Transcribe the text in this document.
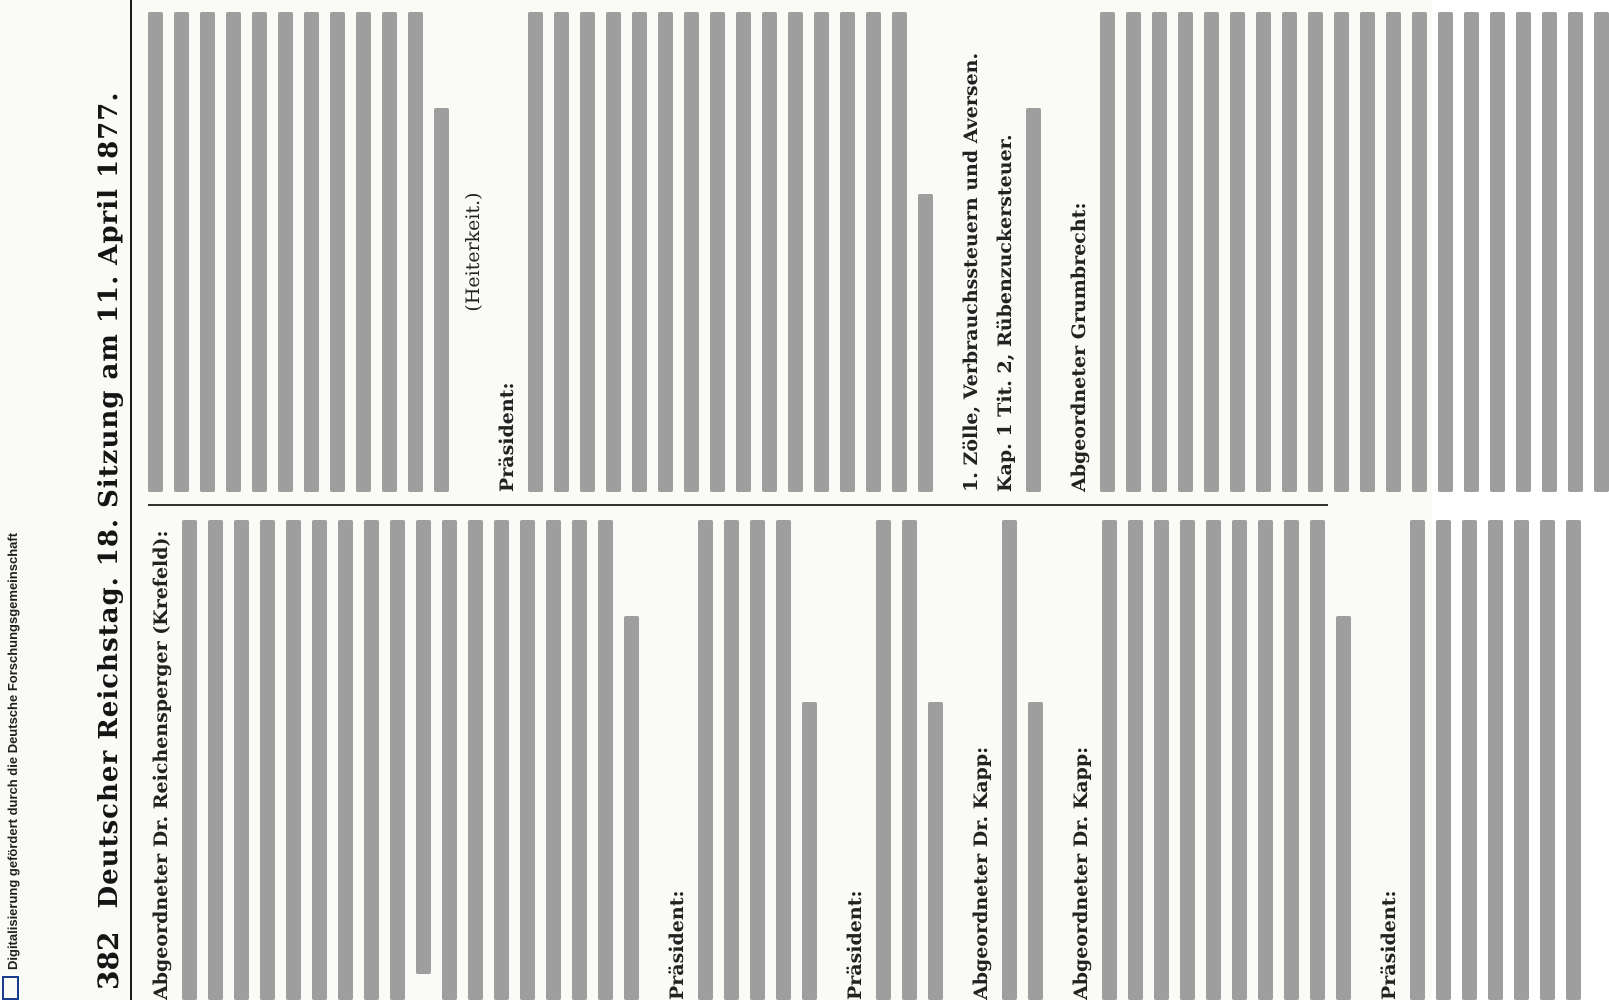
382
Deutscher Reichstag. 18. Sitzung am 11. April 1877. Abgeordneter Dr. Reichensperger (Krefeld):	Präsident:	Präsident:	Abgeordneter Dr. Kapp:	Abgeordneter Dr. Kapp:	Präsident:

(Heiterkeit.)

Präsident:	1. Zölle, Verbrauchssteuern und Aversen. Kap. 1 Tit. 2, Rübenzuckersteuer.	Abgeordneter Grumbrecht:

Digitalisierung gefördert durch die Deutsche Forschungsgemeinschaft
